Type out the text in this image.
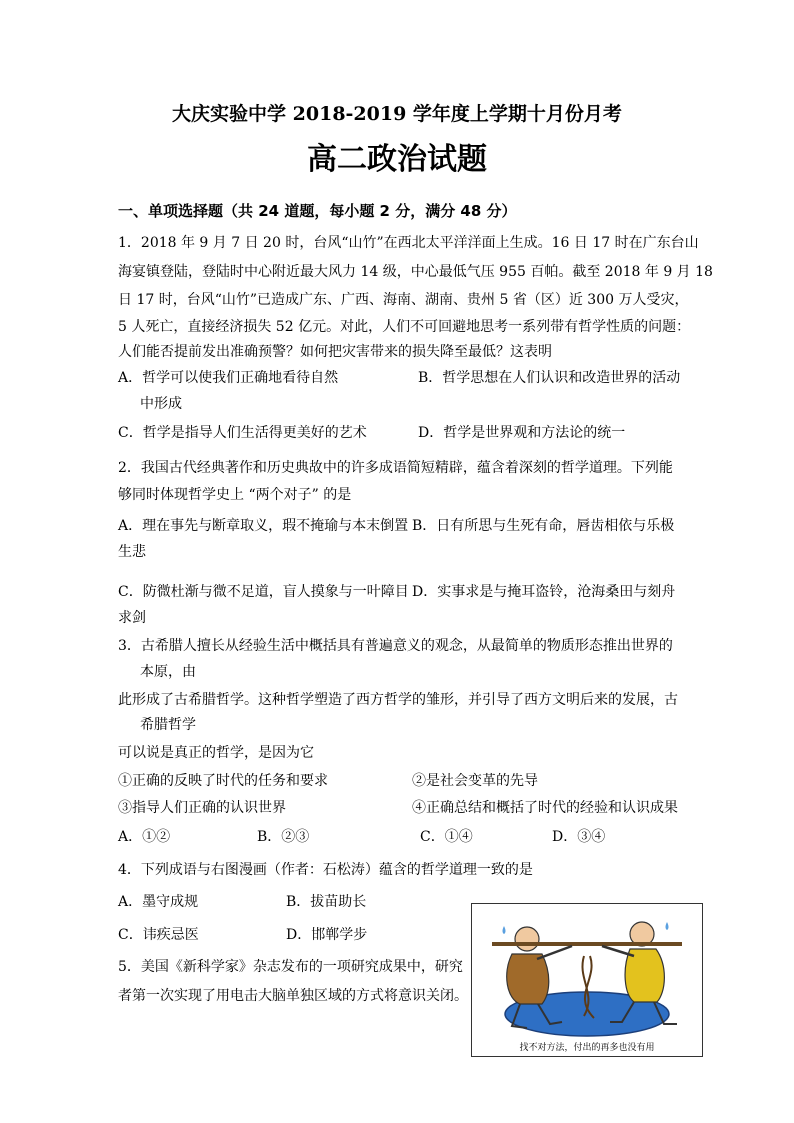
大庆实验中学 2018-2019 学年度上学期十月份月考
高二政治试题
一、单项选择题（共 24 道题，每小题 2 分，满分 48 分）
1．2018 年 9 月 7 日 20 时，台风“山竹”在西北太平洋洋面上生成。16 日 17 时在广东台山
海宴镇登陆，登陆时中心附近最大风力 14 级，中心最低气压 955 百帕。截至 2018 年 9 月 18
日 17 时，台风“山竹”已造成广东、广西、海南、湖南、贵州 5 省（区）近 300 万人受灾，
5 人死亡，直接经济损失 52 亿元。对此，人们不可回避地思考一系列带有哲学性质的问题：
人们能否提前发出准确预警？如何把灾害带来的损失降至最低？这表明
A．哲学可以使我们正确地看待自然	B．哲学思想在人们认识和改造世界的活动
中形成
C．哲学是指导人们生活得更美好的艺术	D．哲学是世界观和方法论的统一
2．我国古代经典著作和历史典故中的许多成语简短精辟，蕴含着深刻的哲学道理。下列能
够同时体现哲学史上 “两个对子” 的是
A．理在事先与断章取义，瑕不掩瑜与本末倒置 B．日有所思与生死有命，唇齿相依与乐极
生悲
C．防微杜渐与微不足道，盲人摸象与一叶障目 D．实事求是与掩耳盗铃，沧海桑田与刻舟
求剑
3．古希腊人擅长从经验生活中概括具有普遍意义的观念，从最简单的物质形态推出世界的
本原，由
此形成了古希腊哲学。这种哲学塑造了西方哲学的雏形，并引导了西方文明后来的发展，古
希腊哲学
可以说是真正的哲学，是因为它
①正确的反映了时代的任务和要求	②是社会变革的先导
③指导人们正确的认识世界	④正确总结和概括了时代的经验和认识成果
A．①②	B．②③	C．①④	D．③④
4．下列成语与右图漫画（作者：石松涛）蕴含的哲学道理一致的是
A．墨守成规	B．拔苗助长
C．讳疾忌医	D．邯郸学步
5．美国《新科学家》杂志发布的一项研究成果中，研究
者第一次实现了用电击大脑单独区域的方式将意识关闭。
找不对方法，付出的再多也没有用
